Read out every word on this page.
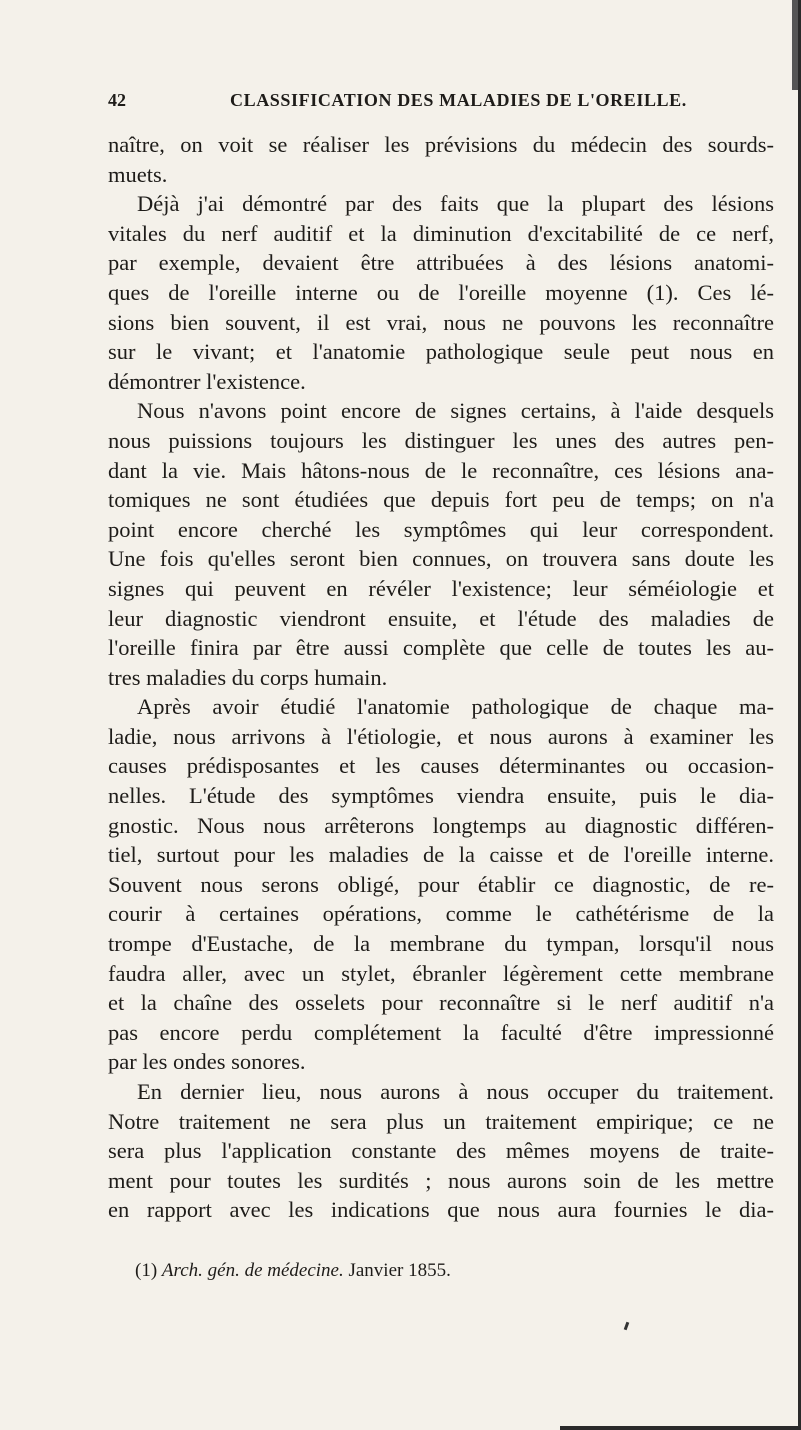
42	CLASSIFICATION DES MALADIES DE L'OREILLE.
naître, on voit se réaliser les prévisions du médecin des sourds-
muets.
Déjà j'ai démontré par des faits que la plupart des lésions
vitales du nerf auditif et la diminution d'excitabilité de ce nerf,
par exemple, devaient être attribuées à des lésions anatomi-
ques de l'oreille interne ou de l'oreille moyenne (1). Ces lé-
sions bien souvent, il est vrai, nous ne pouvons les reconnaître
sur le vivant; et l'anatomie pathologique seule peut nous en
démontrer l'existence.
Nous n'avons point encore de signes certains, à l'aide desquels
nous puissions toujours les distinguer les unes des autres pen-
dant la vie. Mais hâtons-nous de le reconnaître, ces lésions ana-
tomiques ne sont étudiées que depuis fort peu de temps; on n'a
point encore cherché les symptômes qui leur correspondent.
Une fois qu'elles seront bien connues, on trouvera sans doute les
signes qui peuvent en révéler l'existence; leur séméiologie et
leur diagnostic viendront ensuite, et l'étude des maladies de
l'oreille finira par être aussi complète que celle de toutes les au-
tres maladies du corps humain.
Après avoir étudié l'anatomie pathologique de chaque ma-
ladie, nous arrivons à l'étiologie, et nous aurons à examiner les
causes prédisposantes et les causes déterminantes ou occasion-
nelles. L'étude des symptômes viendra ensuite, puis le dia-
gnostic. Nous nous arrêterons longtemps au diagnostic différen-
tiel, surtout pour les maladies de la caisse et de l'oreille interne.
Souvent nous serons obligé, pour établir ce diagnostic, de re-
courir à certaines opérations, comme le cathétérisme de la
trompe d'Eustache, de la membrane du tympan, lorsqu'il nous
faudra aller, avec un stylet, ébranler légèrement cette membrane
et la chaîne des osselets pour reconnaître si le nerf auditif n'a
pas encore perdu complétement la faculté d'être impressionné
par les ondes sonores.
En dernier lieu, nous aurons à nous occuper du traitement.
Notre traitement ne sera plus un traitement empirique; ce ne
sera plus l'application constante des mêmes moyens de traite-
ment pour toutes les surdités ; nous aurons soin de les mettre
en rapport avec les indications que nous aura fournies le dia-
(1) Arch. gén. de médecine. Janvier 1855.
